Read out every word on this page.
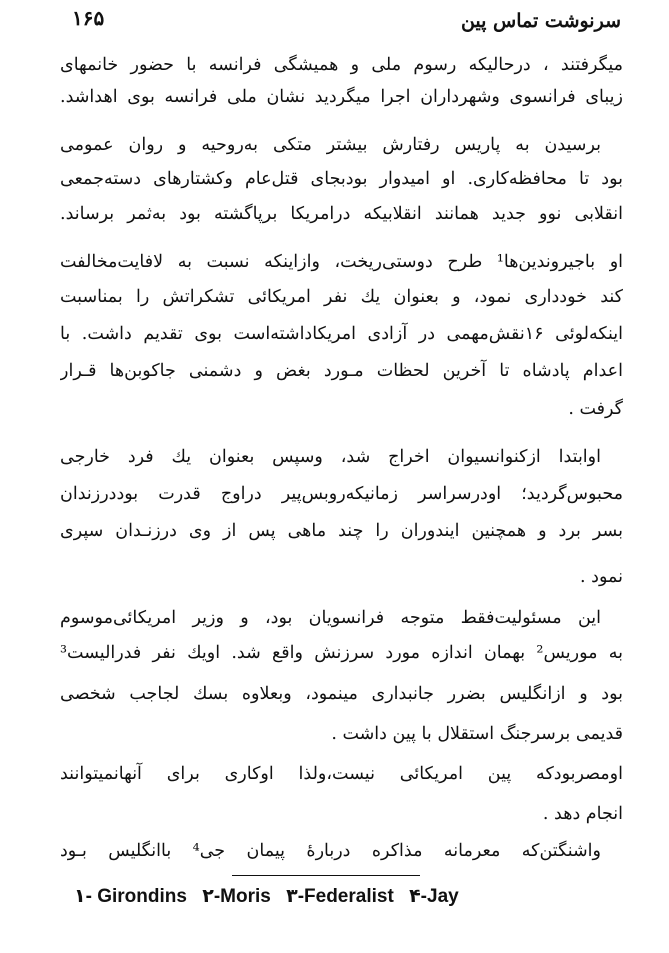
۱۶۵	سرنوشت تماس پین
میگرفتند ، درحالیکه رسوم ملی و همیشگی فرانسه با حضور خانمهای
زیبای فرانسوی وشهرداران اجرا میگردید نشان ملی فرانسه بوی اهداشد.
برسیدن به پاریس رفتارش بیشتر متکی به‌روحیه و روان عمومی
بود تا محافظه‌کاری. او امیدوار بودبجای قتل‌عام وکشتارهای دسته‌جمعی
انقلابی نوو جدید همانند انقلابیکه درامریکا برپاگشته بود به‌ثمر برساند.
او باجیروندین‌ها¹ طرح دوستی‌ریخت، وازاینکه نسبت به لافایت‌مخالفت
کند خودداری نمود، و بعنوان یك نفر امریکائی تشکراتش را بمناسبت
اینکه‌لوئی ۱۶نقش‌مهمی در آزادی امریکاداشته‌است بوی تقدیم داشت. با
اعدام پادشاه تا آخرین لحظات مـورد بغض و دشمنی جاکوبن‌ها قـرار
گرفت .
اوابتدا ازکنوانسیوان اخراج شد، وسپس بعنوان یك فرد خارجی
محبوس‌گردید؛ اودرسراسر زمانیکه‌روبس‌پیر دراوج قدرت بوددرزندان
بسر برد و همچنین ایندوران را چند ماهی پس از وی درزنـدان سپری
نمود .
این مسئولیت‌فقط متوجه فرانسویان بود، و وزیر امریکائی‌موسوم
به موریس² بهمان اندازه مورد سرزنش واقع شد. اویك نفر فدرالیست³
بود و ازانگلیس بضرر جانبداری مینمود، وبعلاوه بسك لجاجب شخصی
قدیمی برسرجنگ استقلال با پین داشت .
اومصربودکه پین امریکائی نیست،ولذا اوکاری برای آنهانمیتوانند
انجام دهد .
واشنگتن‌که معرمانه مذاکره دربارهٔ پیمان جی⁴ باانگلیس بـود
۱- Girondins ۲-Moris ۳-Federalist ۴-Jay
